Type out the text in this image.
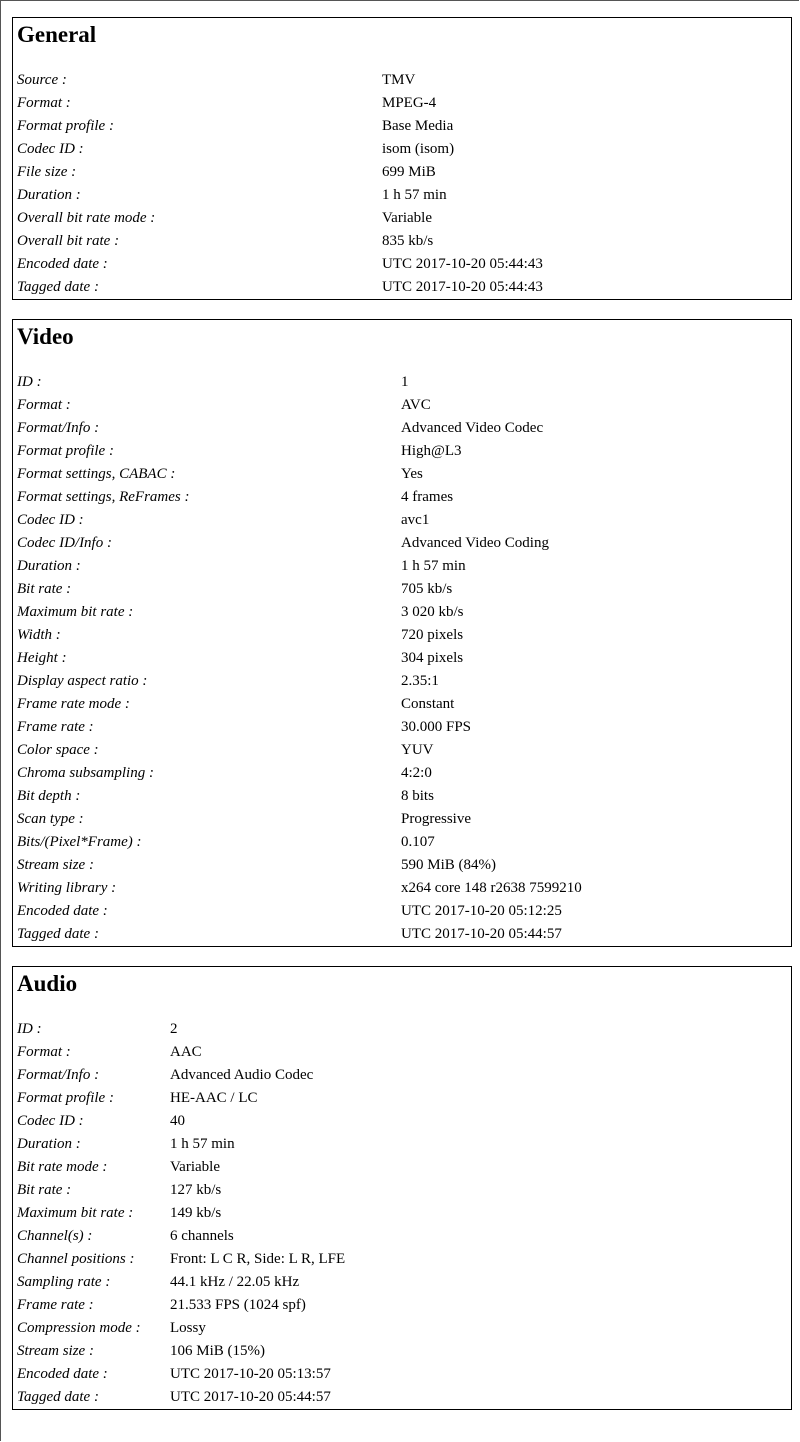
General
Source :	TMV
Format :	MPEG-4
Format profile :	Base Media
Codec ID :	isom (isom)
File size :	699 MiB
Duration :	1 h 57 min
Overall bit rate mode :	Variable
Overall bit rate :	835 kb/s
Encoded date :	UTC 2017-10-20 05:44:43
Tagged date :	UTC 2017-10-20 05:44:43
Video
ID :	1
Format :	AVC
Format/Info :	Advanced Video Codec
Format profile :	High@L3
Format settings, CABAC :	Yes
Format settings, ReFrames :	4 frames
Codec ID :	avc1
Codec ID/Info :	Advanced Video Coding
Duration :	1 h 57 min
Bit rate :	705 kb/s
Maximum bit rate :	3 020 kb/s
Width :	720 pixels
Height :	304 pixels
Display aspect ratio :	2.35:1
Frame rate mode :	Constant
Frame rate :	30.000 FPS
Color space :	YUV
Chroma subsampling :	4:2:0
Bit depth :	8 bits
Scan type :	Progressive
Bits/(Pixel*Frame) :	0.107
Stream size :	590 MiB (84%)
Writing library :	x264 core 148 r2638 7599210
Encoded date :	UTC 2017-10-20 05:12:25
Tagged date :	UTC 2017-10-20 05:44:57
Audio
ID :	2
Format :	AAC
Format/Info :	Advanced Audio Codec
Format profile :	HE-AAC / LC
Codec ID :	40
Duration :	1 h 57 min
Bit rate mode :	Variable
Bit rate :	127 kb/s
Maximum bit rate : 149 kb/s
Channel(s) :	6 channels
Channel positions : Front: L C R, Side: L R, LFE
Sampling rate :	44.1 kHz / 22.05 kHz
Frame rate :	21.533 FPS (1024 spf)
Compression mode : Lossy
Stream size :	106 MiB (15%)
Encoded date :	UTC 2017-10-20 05:13:57
Tagged date :	UTC 2017-10-20 05:44:57
